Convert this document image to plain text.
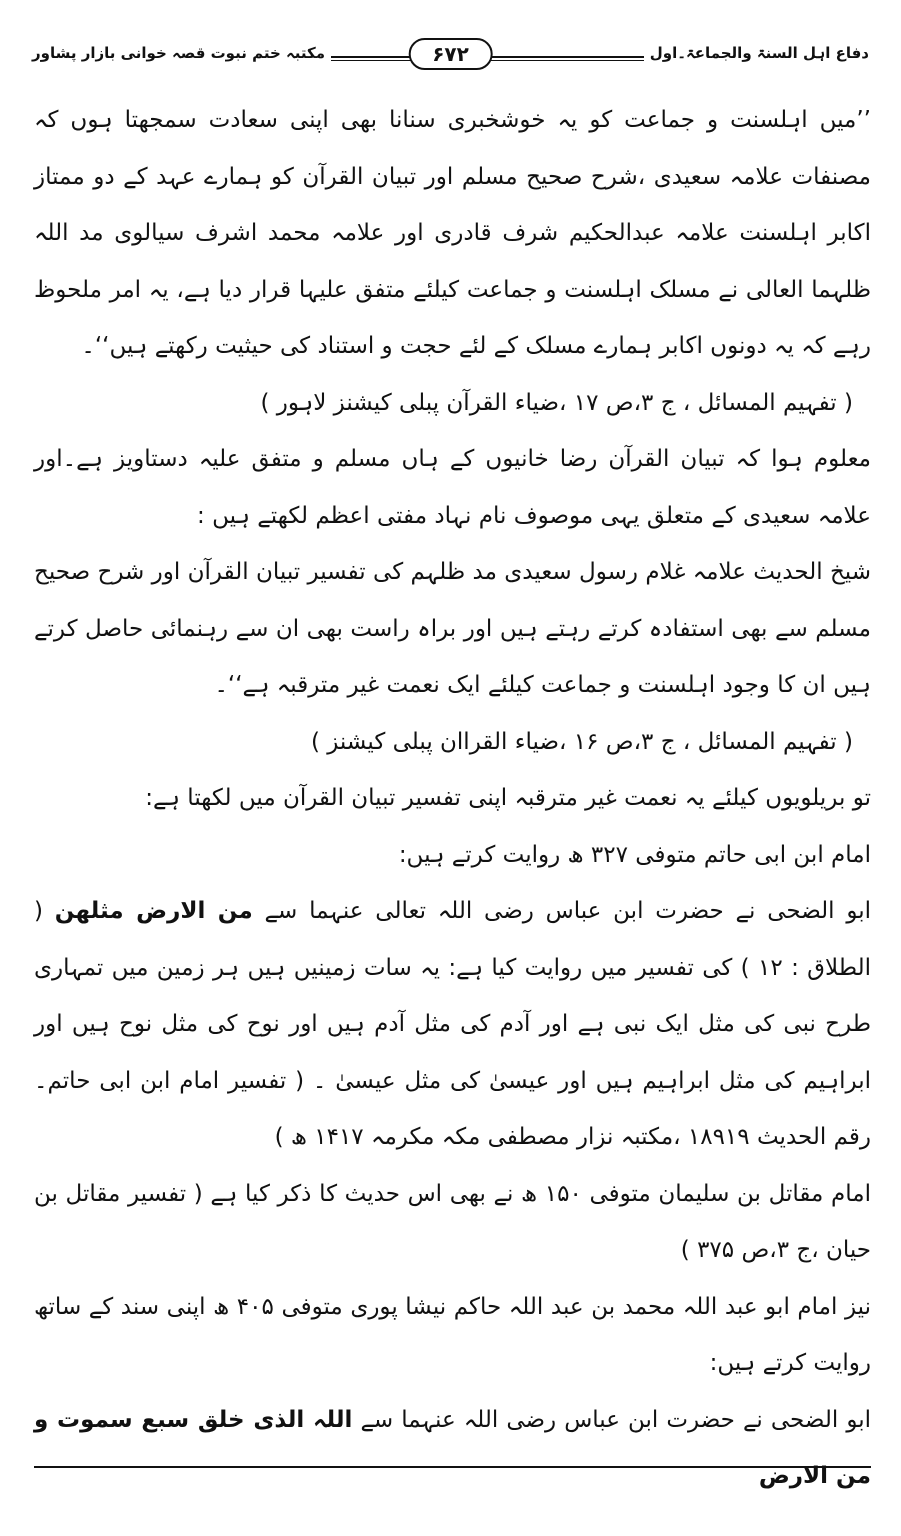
دفاع اہل السنۃ والجماعۃ۔اول
۶۷۲
مکتبہ ختم نبوت قصہ خوانی بازار پشاور

’’میں اہلسنت و جماعت کو یہ خوشخبری سنانا بھی اپنی سعادت سمجھتا ہوں کہ مصنفات علامہ سعیدی ،شرح صحیح مسلم اور تبیان القرآن کو ہمارے عہد کے دو ممتاز اکابر اہلسنت علامہ عبدالحکیم شرف قادری اور علامہ محمد اشرف سیالوی مد اللہ ظلہما العالی نے مسلک اہلسنت و جماعت کیلئے متفق علیہا قرار دیا ہے، یہ امر ملحوظ رہے کہ یہ دونوں اکابر ہمارے مسلک کے لئے حجت و استناد کی حیثیت رکھتے ہیں‘‘۔

( تفہیم المسائل ، ج ۳،ص ۱۷ ،ضیاء القرآن پبلی کیشنز لاہور )

معلوم ہوا کہ تبیان القرآن رضا خانیوں کے ہاں مسلم و متفق علیہ دستاویز ہے۔اور علامہ سعیدی کے متعلق یہی موصوف نام نہاد مفتی اعظم لکھتے ہیں :

شیخ الحدیث علامہ غلام رسول سعیدی مد ظلہم کی تفسیر تبیان القرآن اور شرح صحیح مسلم سے بھی استفادہ کرتے رہتے ہیں اور براہ راست بھی ان سے رہنمائی حاصل کرتے ہیں ان کا وجود اہلسنت و جماعت کیلئے ایک نعمت غیر مترقبہ ہے‘‘۔

( تفہیم المسائل ، ج ۳،ص ۱۶ ،ضیاء القراان پبلی کیشنز )

تو بریلویوں کیلئے یہ نعمت غیر مترقبہ اپنی تفسیر تبیان القرآن میں لکھتا ہے:

امام ابن ابی حاتم متوفی ۳۲۷ ھ روایت کرتے ہیں:

ابو الضحی نے حضرت ابن عباس رضی اللہ تعالی عنہما سے من الارض مثلھن ( الطلاق : ۱۲ ) کی تفسیر میں روایت کیا ہے: یہ سات زمینیں ہیں ہر زمین میں تمہاری طرح نبی کی مثل ایک نبی ہے اور آدم کی مثل آدم ہیں اور نوح کی مثل نوح ہیں اور ابراہیم کی مثل ابراہیم ہیں اور عیسیٰ کی مثل عیسیٰ ۔ ( تفسیر امام ابن ابی حاتم۔رقم الحدیث ۱۸۹۱۹ ،مکتبہ نزار مصطفی مکہ مکرمہ ۱۴۱۷ ھ )

امام مقاتل بن سلیمان متوفی ۱۵۰ ھ نے بھی اس حدیث کا ذکر کیا ہے ( تفسیر مقاتل بن حیان ،ج ۳،ص ۳۷۵ )

نیز امام ابو عبد اللہ محمد بن عبد اللہ حاکم نیشا پوری متوفی ۴۰۵ ھ اپنی سند کے ساتھ روایت کرتے ہیں:

ابو الضحی نے حضرت ابن عباس رضی اللہ عنہما سے اللہ الذی خلق سبع سموت و من الارض
